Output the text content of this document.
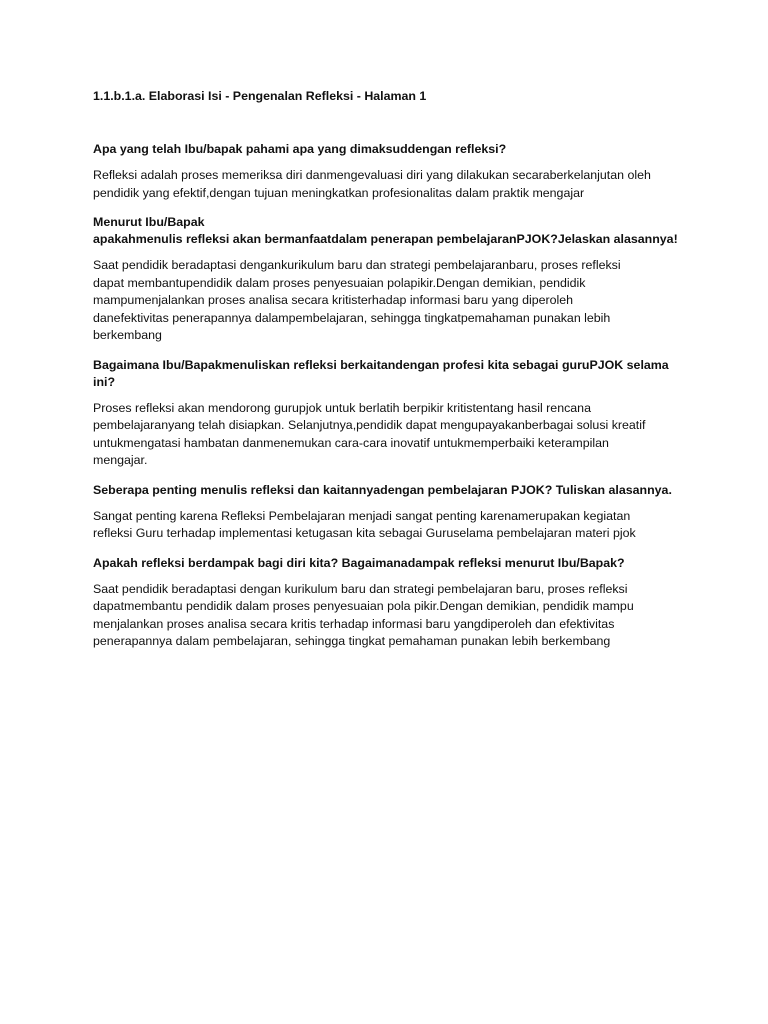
1.1.b.1.a. Elaborasi Isi - Pengenalan Refleksi - Halaman 1
Apa yang telah Ibu/bapak pahami apa yang dimaksuddengan refleksi?
Refleksi adalah proses memeriksa diri danmengevaluasi diri yang dilakukan secaraberkelanjutan oleh
pendidik yang efektif,dengan tujuan meningkatkan profesionalitas dalam praktik mengajar
Menurut Ibu/Bapak
apakahmenulis refleksi akan bermanfaatdalam penerapan pembelajaranPJOK?Jelaskan alasannya!
Saat pendidik beradaptasi dengankurikulum baru dan strategi pembelajaranbaru, proses refleksi
dapat membantupendidik dalam proses penyesuaian polapikir.Dengan demikian, pendidik
mampumenjalankan proses analisa secara kritisterhadap informasi baru yang diperoleh
danefektivitas penerapannya dalampembelajaran, sehingga tingkatpemahaman punakan lebih
berkembang
Bagaimana Ibu/Bapakmenuliskan refleksi berkaitandengan profesi kita sebagai guruPJOK selama
ini?
Proses refleksi akan mendorong gurupjok untuk berlatih berpikir kritistentang hasil rencana
pembelajaranyang telah disiapkan. Selanjutnya,pendidik dapat mengupayakanberbagai solusi kreatif
untukmengatasi hambatan danmenemukan cara-cara inovatif untukmemperbaiki keterampilan
mengajar.
Seberapa penting menulis refleksi dan kaitannyadengan pembelajaran PJOK? Tuliskan alasannya.
Sangat penting karena Refleksi Pembelajaran menjadi sangat penting karenamerupakan kegiatan
refleksi Guru terhadap implementasi ketugasan kita sebagai Guruselama pembelajaran materi pjok
Apakah refleksi berdampak bagi diri kita? Bagaimanadampak refleksi menurut Ibu/Bapak?
Saat pendidik beradaptasi dengan kurikulum baru dan strategi pembelajaran baru, proses refleksi
dapatmembantu pendidik dalam proses penyesuaian pola pikir.Dengan demikian, pendidik mampu
menjalankan proses analisa secara kritis terhadap informasi baru yangdiperoleh dan efektivitas
penerapannya dalam pembelajaran, sehingga tingkat pemahaman punakan lebih berkembang
